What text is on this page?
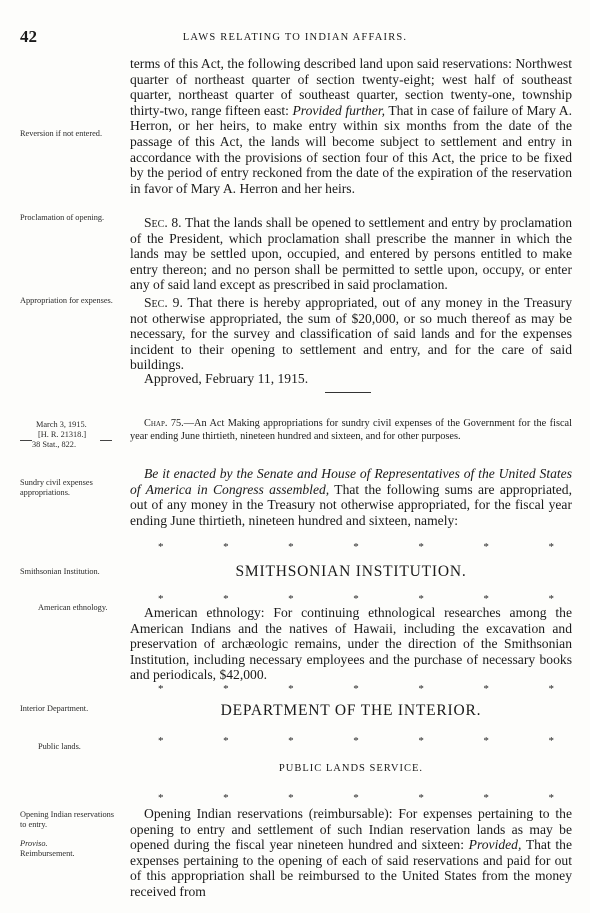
42	LAWS RELATING TO INDIAN AFFAIRS.

terms of this Act, the following described land upon said reservations: Northwest quarter of northeast quarter of section twenty-eight; west half of southeast quarter, northeast quarter of southeast quarter, section twenty-one, township thirty-two, range fifteen east: Provided further, That in case of failure of Mary A. Herron, or her heirs, to make entry within six months from the date of the passage of this Act, the lands will become subject to settlement and entry in accordance with the provisions of section four of this Act, the price to be fixed by the period of entry reckoned from the date of the expiration of the reservation in favor of Mary A. Herron and her heirs.

Sec. 8. That the lands shall be opened to settlement and entry by proclamation of the President, which proclamation shall prescribe the manner in which the lands may be settled upon, occupied, and entered by persons entitled to make entry thereon; and no person shall be permitted to settle upon, occupy, or enter any of said land except as prescribed in said proclamation.
Sec. 9. That there is hereby appropriated, out of any money in the Treasury not otherwise appropriated, the sum of $20,000, or so much thereof as may be necessary, for the survey and classification of said lands and for the expenses incident to their opening to settlement and entry, and for the care of said buildings.
Approved, February 11, 1915.
Chap. 75.—An Act Making appropriations for sundry civil expenses of the Government for the fiscal year ending June thirtieth, nineteen hundred and sixteen, and for other purposes.
Be it enacted by the Senate and House of Representatives of the United States of America in Congress assembled, That the following sums are appropriated, out of any money in the Treasury not otherwise appropriated, for the fiscal year ending June thirtieth, nineteen hundred and sixteen, namely:
*	*	*	*	*	*	*
SMITHSONIAN INSTITUTION.
*	*	*	*	*	*	*
American ethnology: For continuing ethnological researches among the American Indians and the natives of Hawaii, including the excavation and preservation of archæologic remains, under the direction of the Smithsonian Institution, including necessary employees and the purchase of necessary books and periodicals, $42,000.
*	*	*	*	*	*	*
DEPARTMENT OF THE INTERIOR.
*	*	*	*	*	*	*
PUBLIC LANDS SERVICE.
*	*	*	*	*	*	*
Opening Indian reservations (reimbursable): For expenses pertaining to the opening to entry and settlement of such Indian reservation lands as may be opened during the fiscal year nineteen hundred and sixteen: Provided, That the expenses pertaining to the opening of each of said reservations and paid for out of this appropriation shall be reimbursed to the United States from the money received from
Reversion if not entered.
Proclamation of opening.
Appropriation for expenses.
March 3, 1915.
[H. R. 21318.]
38 Stat., 822.
Sundry civil expenses appropriations.
Smithsonian Institution.
American ethnology.
Interior Department.
Public lands.
Opening Indian reservations to entry.
Proviso.
Reimbursement.
